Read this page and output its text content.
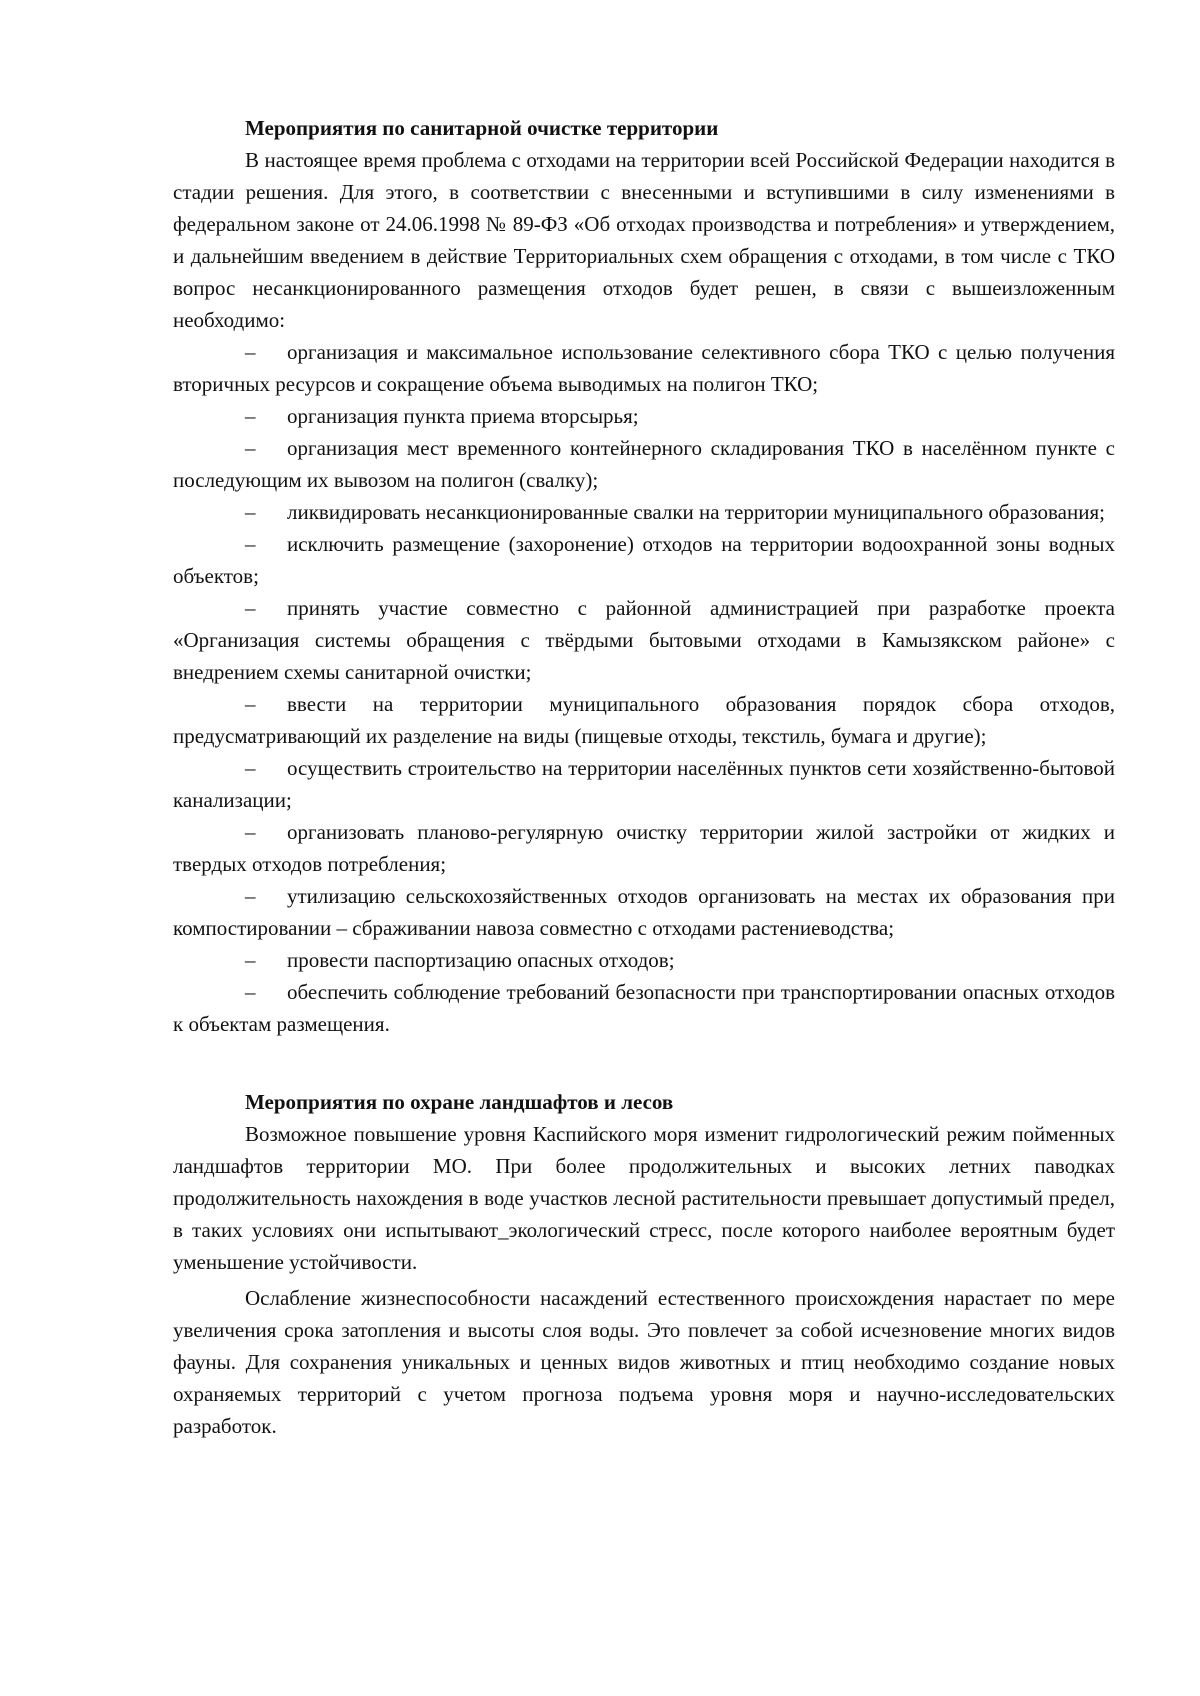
Мероприятия по санитарной очистке территории

В настоящее время проблема с отходами на территории всей Российской Федерации находится в стадии решения. Для этого, в соответствии с внесенными и вступившими в силу изменениями в федеральном законе от 24.06.1998 № 89-ФЗ «Об отходах производства и потребления» и утверждением, и дальнейшим введением в действие Территориальных схем обращения с отходами, в том числе с ТКО вопрос несанкционированного размещения отходов будет решен, в связи с вышеизложенным необходимо:

– организация и максимальное использование селективного сбора ТКО с целью получения вторичных ресурсов и сокращение объема выводимых на полигон ТКО;

– организация пункта приема вторсырья;

– организация мест временного контейнерного складирования ТКО в населённом пункте с последующим их вывозом на полигон (свалку);

– ликвидировать несанкционированные свалки на территории муниципального образования;

– исключить размещение (захоронение) отходов на территории водоохранной зоны водных объектов;

– принять участие совместно с районной администрацией при разработке проекта «Организация системы обращения с твёрдыми бытовыми отходами в Камызякском районе» с внедрением схемы санитарной очистки;

– ввести на территории муниципального образования порядок сбора отходов, предусматривающий их разделение на виды (пищевые отходы, текстиль, бумага и другие);

– осуществить строительство на территории населённых пунктов сети хозяйственно-бытовой канализации;

– организовать планово-регулярную очистку территории жилой застройки от жидких и твердых отходов потребления;

– утилизацию сельскохозяйственных отходов организовать на местах их образования при компостировании – сбраживании навоза совместно с отходами растениеводства;

– провести паспортизацию опасных отходов;

– обеспечить соблюдение требований безопасности при транспортировании опасных отходов к объектам размещения.

Мероприятия по охране ландшафтов и лесов

Возможное повышение уровня Каспийского моря изменит гидрологический режим пойменных ландшафтов территории МО. При более продолжительных и высоких летних паводках продолжительность нахождения в воде участков лесной растительности превышает допустимый предел, в таких условиях они испытывают_экологический стресс, после которого наиболее вероятным будет уменьшение устойчивости.

Ослабление жизнеспособности насаждений естественного происхождения нарастает по мере увеличения срока затопления и высоты слоя воды. Это повлечет за собой исчезновение многих видов фауны. Для сохранения уникальных и ценных видов животных и птиц необходимо создание новых охраняемых территорий с учетом прогноза подъема уровня моря и научно-исследовательских разработок.
